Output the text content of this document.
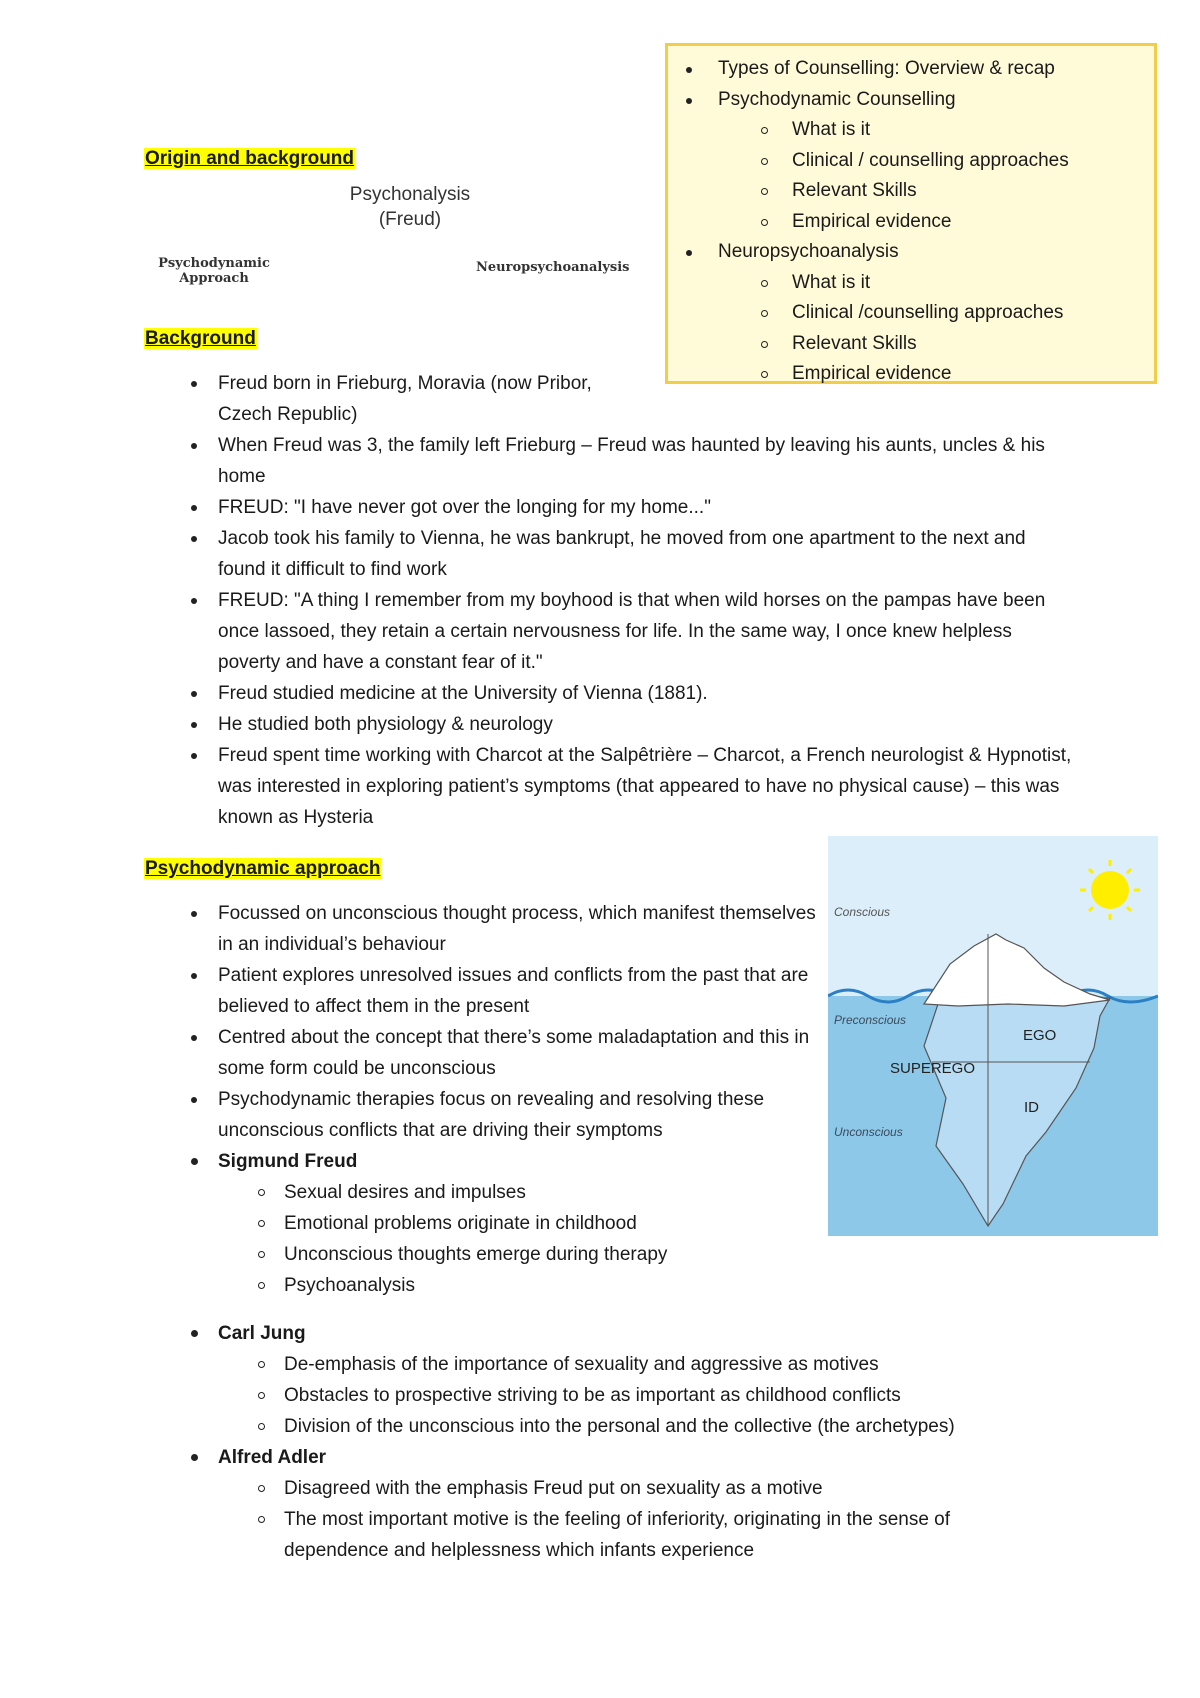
Types of Counselling: Overview & recap
Psychodynamic Counselling
What is it
Clinical / counselling approaches
Relevant Skills
Empirical evidence
Neuropsychoanalysis
What is it
Clinical /counselling approaches
Relevant Skills
Empirical evidence
Origin and background
Psychonalysis
(Freud)
Psychodynamic
Approach
Neuropsychoanalysis
Background
Freud born in Frieburg, Moravia (now Pribor,
Czech Republic)
When Freud was 3, the family left Frieburg – Freud was haunted by leaving his aunts, uncles & his home
FREUD: "I have never got over the longing for my home..."
Jacob took his family to Vienna, he was bankrupt, he moved from one apartment to the next and found it difficult to find work
FREUD: "A thing I remember from my boyhood is that when wild horses on the pampas have been once lassoed, they retain a certain nervousness for life. In the same way, I once knew helpless poverty and have a constant fear of it."
Freud studied medicine at the University of Vienna (1881).
He studied both physiology & neurology
Freud spent time working with Charcot at the Salpêtrière – Charcot, a French neurologist & Hypnotist, was interested in exploring patient’s symptoms (that appeared to have no physical cause) – this was known as Hysteria
Psychodynamic approach
Focussed on unconscious thought process, which manifest themselves in an individual’s behaviour
Patient explores unresolved issues and conflicts from the past that are believed to affect them in the present
Centred about the concept that there’s some maladaptation and this in some form could be unconscious
Psychodynamic therapies focus on revealing and resolving these unconscious conflicts that are driving their symptoms
Sigmund Freud
Sexual desires and impulses
Emotional problems originate in childhood
Unconscious thoughts emerge during therapy
Psychoanalysis
Carl Jung
De-emphasis of the importance of sexuality and aggressive as motives
Obstacles to prospective striving to be as important as childhood conflicts
Division of the unconscious into the personal and the collective (the archetypes)
Alfred Adler
Disagreed with the emphasis Freud put on sexuality as a motive
The most important motive is the feeling of inferiority, originating in the sense of dependence and helplessness which infants experience
Conscious
Preconscious
Unconscious
EGO
SUPEREGO
ID
